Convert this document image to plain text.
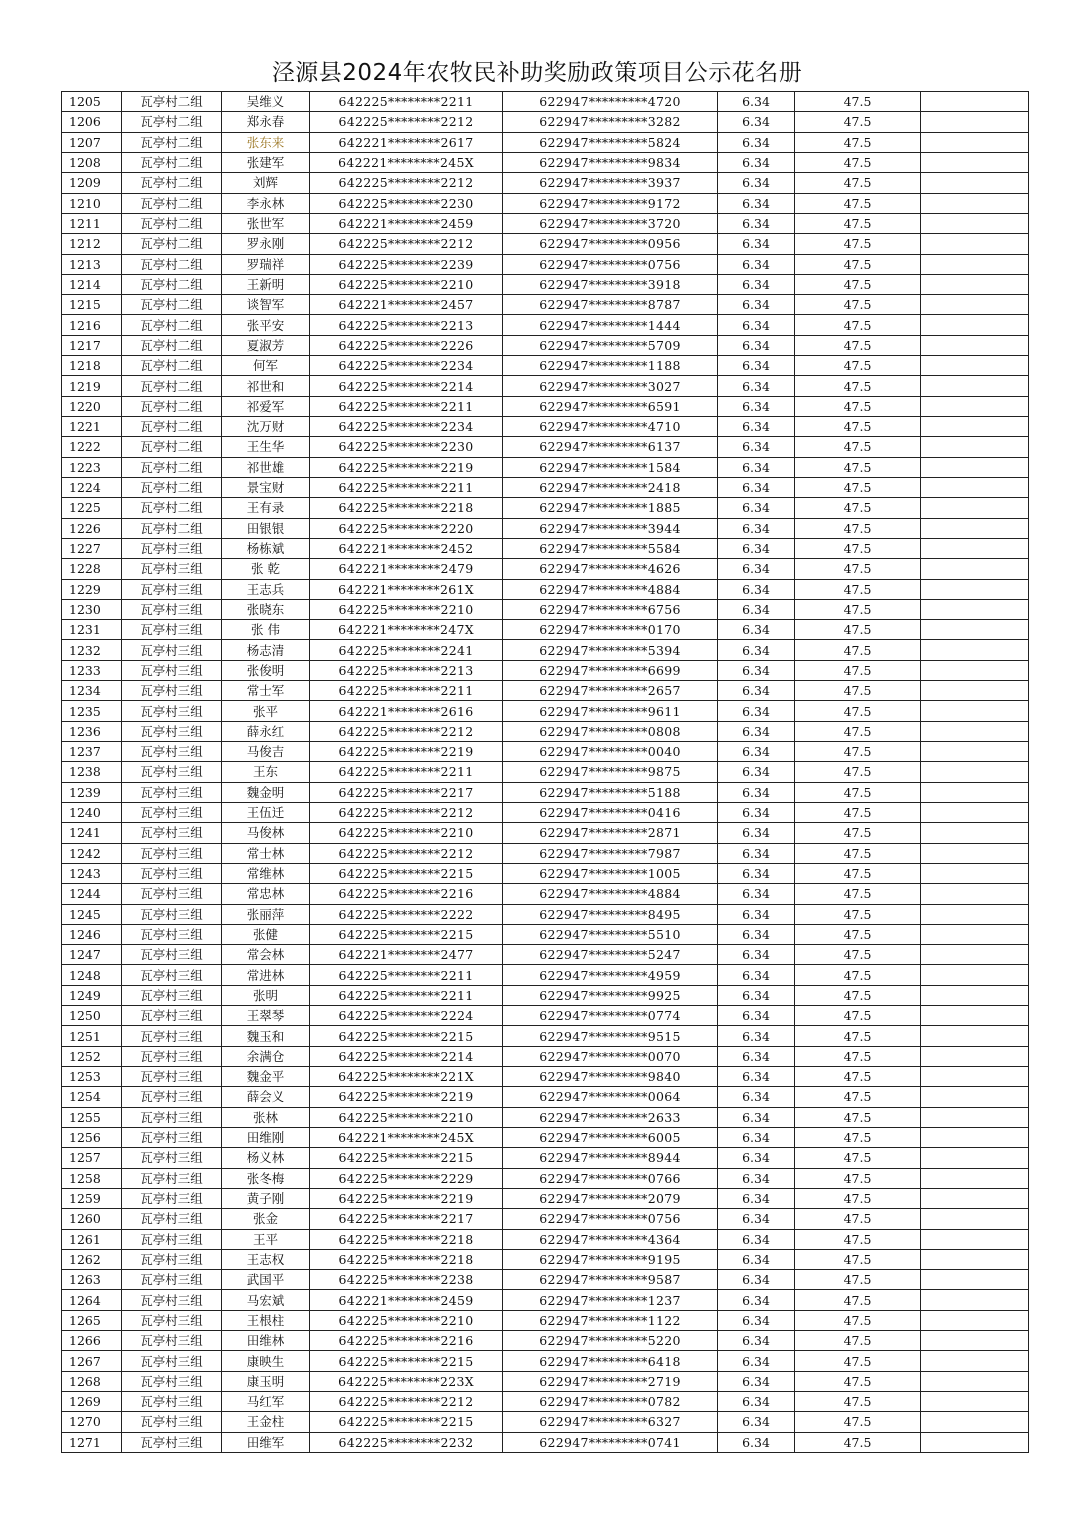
泾源县2024年农牧民补助奖励政策项目公示花名册
1205	瓦亭村二组	吴维义	642225********2211	622947*********4720	6.34	47.5	
1206	瓦亭村二组	郑永春	642225********2212	622947*********3282	6.34	47.5	
1207	瓦亭村二组	张东来	642221********2617	622947*********5824	6.34	47.5	
1208	瓦亭村二组	张建军	642221********245X	622947*********9834	6.34	47.5	
1209	瓦亭村二组	刘辉	642225********2212	622947*********3937	6.34	47.5	
1210	瓦亭村二组	李永林	642225********2230	622947*********9172	6.34	47.5	
1211	瓦亭村二组	张世军	642221********2459	622947*********3720	6.34	47.5	
1212	瓦亭村二组	罗永刚	642225********2212	622947*********0956	6.34	47.5	
1213	瓦亭村二组	罗瑞祥	642225********2239	622947*********0756	6.34	47.5	
1214	瓦亭村二组	王新明	642225********2210	622947*********3918	6.34	47.5	
1215	瓦亭村二组	谈智军	642221********2457	622947*********8787	6.34	47.5	
1216	瓦亭村二组	张平安	642225********2213	622947*********1444	6.34	47.5	
1217	瓦亭村二组	夏淑芳	642225********2226	622947*********5709	6.34	47.5	
1218	瓦亭村二组	何军	642225********2234	622947*********1188	6.34	47.5	
1219	瓦亭村二组	祁世和	642225********2214	622947*********3027	6.34	47.5	
1220	瓦亭村二组	祁爱军	642225********2211	622947*********6591	6.34	47.5	
1221	瓦亭村二组	沈万财	642225********2234	622947*********4710	6.34	47.5	
1222	瓦亭村二组	王生华	642225********2230	622947*********6137	6.34	47.5	
1223	瓦亭村二组	祁世雄	642225********2219	622947*********1584	6.34	47.5	
1224	瓦亭村二组	景宝财	642225********2211	622947*********2418	6.34	47.5	
1225	瓦亭村二组	王有录	642225********2218	622947*********1885	6.34	47.5	
1226	瓦亭村二组	田银银	642225********2220	622947*********3944	6.34	47.5	
1227	瓦亭村三组	杨栋斌	642221********2452	622947*********5584	6.34	47.5	
1228	瓦亭村三组	张 乾	642221********2479	622947*********4626	6.34	47.5	
1229	瓦亭村三组	王志兵	642221********261X	622947*********4884	6.34	47.5	
1230	瓦亭村三组	张晓东	642225********2210	622947*********6756	6.34	47.5	
1231	瓦亭村三组	张 伟	642221********247X	622947*********0170	6.34	47.5	
1232	瓦亭村三组	杨志清	642225********2241	622947*********5394	6.34	47.5	
1233	瓦亭村三组	张俊明	642225********2213	622947*********6699	6.34	47.5	
1234	瓦亭村三组	常士军	642225********2211	622947*********2657	6.34	47.5	
1235	瓦亭村三组	张平	642221********2616	622947*********9611	6.34	47.5	
1236	瓦亭村三组	薛永红	642225********2212	622947*********0808	6.34	47.5	
1237	瓦亭村三组	马俊吉	642225********2219	622947*********0040	6.34	47.5	
1238	瓦亭村三组	王东	642225********2211	622947*********9875	6.34	47.5	
1239	瓦亭村三组	魏金明	642225********2217	622947*********5188	6.34	47.5	
1240	瓦亭村三组	王伍迁	642225********2212	622947*********0416	6.34	47.5	
1241	瓦亭村三组	马俊林	642225********2210	622947*********2871	6.34	47.5	
1242	瓦亭村三组	常士林	642225********2212	622947*********7987	6.34	47.5	
1243	瓦亭村三组	常维林	642225********2215	622947*********1005	6.34	47.5	
1244	瓦亭村三组	常忠林	642225********2216	622947*********4884	6.34	47.5	
1245	瓦亭村三组	张丽萍	642225********2222	622947*********8495	6.34	47.5	
1246	瓦亭村三组	张健	642225********2215	622947*********5510	6.34	47.5	
1247	瓦亭村三组	常会林	642221********2477	622947*********5247	6.34	47.5	
1248	瓦亭村三组	常进林	642225********2211	622947*********4959	6.34	47.5	
1249	瓦亭村三组	张明	642225********2211	622947*********9925	6.34	47.5	
1250	瓦亭村三组	王翠琴	642225********2224	622947*********0774	6.34	47.5	
1251	瓦亭村三组	魏玉和	642225********2215	622947*********9515	6.34	47.5	
1252	瓦亭村三组	余满仓	642225********2214	622947*********0070	6.34	47.5	
1253	瓦亭村三组	魏金平	642225********221X	622947*********9840	6.34	47.5	
1254	瓦亭村三组	薛会义	642225********2219	622947*********0064	6.34	47.5	
1255	瓦亭村三组	张林	642225********2210	622947*********2633	6.34	47.5	
1256	瓦亭村三组	田维刚	642221********245X	622947*********6005	6.34	47.5	
1257	瓦亭村三组	杨义林	642225********2215	622947*********8944	6.34	47.5	
1258	瓦亭村三组	张冬梅	642225********2229	622947*********0766	6.34	47.5	
1259	瓦亭村三组	黄子刚	642225********2219	622947*********2079	6.34	47.5	
1260	瓦亭村三组	张金	642225********2217	622947*********0756	6.34	47.5	
1261	瓦亭村三组	王平	642225********2218	622947*********4364	6.34	47.5	
1262	瓦亭村三组	王志权	642225********2218	622947*********9195	6.34	47.5	
1263	瓦亭村三组	武国平	642225********2238	622947*********9587	6.34	47.5	
1264	瓦亭村三组	马宏斌	642221********2459	622947*********1237	6.34	47.5	
1265	瓦亭村三组	王根柱	642225********2210	622947*********1122	6.34	47.5	
1266	瓦亭村三组	田维林	642225********2216	622947*********5220	6.34	47.5	
1267	瓦亭村三组	康映生	642225********2215	622947*********6418	6.34	47.5	
1268	瓦亭村三组	康玉明	642225********223X	622947*********2719	6.34	47.5	
1269	瓦亭村三组	马红军	642225********2212	622947*********0782	6.34	47.5	
1270	瓦亭村三组	王金柱	642225********2215	622947*********6327	6.34	47.5	
1271	瓦亭村三组	田维军	642225********2232	622947*********0741	6.34	47.5	
